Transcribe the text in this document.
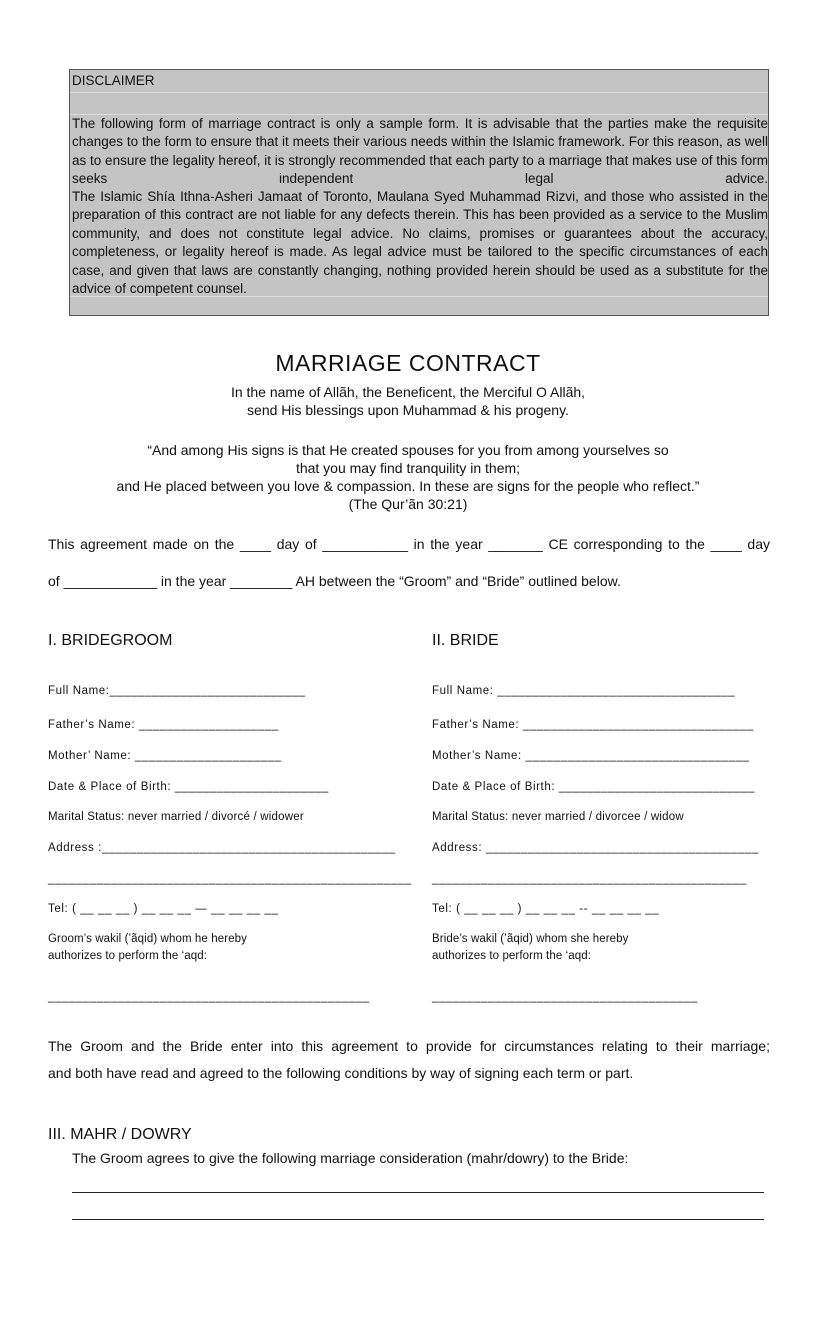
DISCLAIMER
The following form of marriage contract is only a sample form. It is advisable that the parties make the requisite changes to the form to ensure that it meets their various needs within the Islamic framework. For this reason, as well as to ensure the legality hereof, it is strongly recommended that each party to a marriage that makes use of this form seeks independent legal advice.
The Islamic Shía Ithna-Asheri Jamaat of Toronto, Maulana Syed Muhammad Rizvi, and those who assisted in the preparation of this contract are not liable for any defects therein. This has been provided as a service to the Muslim community, and does not constitute legal advice. No claims, promises or guarantees about the accuracy, completeness, or legality hereof is made. As legal advice must be tailored to the specific circumstances of each case, and given that laws are constantly changing, nothing provided herein should be used as a substitute for the advice of competent counsel.
MARRIAGE CONTRACT
In the name of Allãh, the Beneficent, the Merciful O Allãh,
send His blessings upon Muhammad & his progeny.
“And among His signs is that He created spouses for you from among yourselves so
that you may find tranquility in them;
and He placed between you love & compassion. In these are signs for the people who reflect.”
(The Qur’ãn 30:21)
This agreement made on the ____ day of ___________ in the year _______ CE corresponding to the ____ day
of ____________ in the year ________ AH between the “Groom” and “Bride” outlined below.
I. BRIDEGROOM
Full Name:____________________________
Father’s Name: ____________________
Mother’ Name: _____________________
Date & Place of Birth: ______________________
Marital Status: never married / divorcé / widower
Address :__________________________________________
____________________________________________________
Tel: ( __ __ __ ) __ __ __ — __ __ __ __
Groom’s wakil (’ãqid) whom he hereby
authorizes to perform the ‘aqd:
______________________________________________
II. BRIDE
Full Name: __________________________________
Father’s Name: _________________________________
Mother’s Name: ________________________________
Date & Place of Birth: ____________________________
Marital Status: never married / divorcee / widow
Address: _______________________________________
_____________________________________________
Tel: ( __ __ __ ) __ __ __ -- __ __ __ __
Bride’s wakil (’ãqid) whom she hereby
authorizes to perform the ‘aqd:
______________________________________
The Groom and the Bride enter into this agreement to provide for circumstances relating to their marriage;
and both have read and agreed to the following conditions by way of signing each term or part.
III. MAHR / DOWRY
The Groom agrees to give the following marriage consideration (mahr/dowry) to the Bride:
